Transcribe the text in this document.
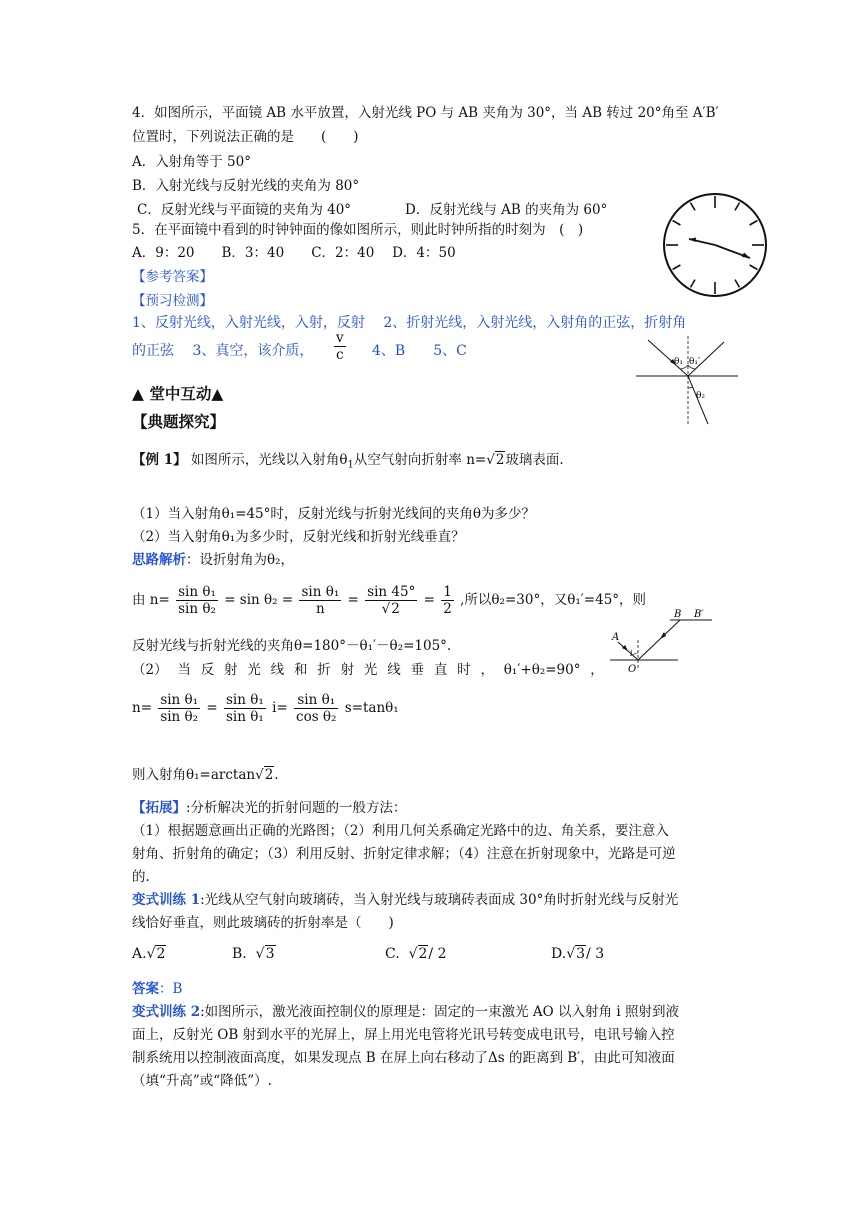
4．如图所示，平面镜 AB 水平放置，入射光线 PO 与 AB 夹角为 30°，当 AB 转过 20°角至 A′B′
位置时，下列说法正确的是　　(　　)
A．入射角等于 50°
B．入射光线与反射光线的夹角为 80°
C．反射光线与平面镜的夹角为 40°	D．反射光线与 AB 的夹角为 60°
5．在平面镜中看到的时钟钟面的像如图所示，则此时钟所指的时刻为　(　)
A．9：20　　B．3：40　　C．2：40　 D．4：50
【参考答案】
【预习检测】
1、反射光线，入射光线，入射，反射　 2、折射光线，入射光线，入射角的正弦，折射角
的正弦　 3、真空，该介质， $\frac{v}{c} 4$、B　　5、C
θ₁ θ₁′
θ₂
▲ 堂中互动▲
【典题探究】
【例 1】 如图所示，光线以入射角$\theta_1$从空气射向折射率 n=√2玻璃表面.
（1）当入射角θ₁=45°时，反射光线与折射光线间的夹角θ为多少？
（2）当入射角θ₁为多少时，反射光线和折射光线垂直？
思路解析：设折射角为θ₂，
由 $n= \frac{\text{sin θ₁}}{\text{sin θ₂}} = \sin \theta_2 = \frac{\text{sin θ₁}}{n} = \frac{\sin 45^\circ}{√2} = \frac{1}{2}$ ,所以θ₂=30°，又θ₁′=45°，则
反射光线与折射光线的夹角θ=180°－θ₁′－θ₂=105°.
（2） 当 反 射 光 线 和 折 射 光 线 垂 直 时 ， θ₁′+θ₂=90° ，
$n= \frac{\text{sin θ₁}}{\text{sin θ₂}} = \frac{\text{sin θ₁}}{\text{sin θ₁}} i= \frac{\text{sin θ₁}}{\text{cos θ₂}} s=\tan\theta_1$
则入射角θ₁=arctan√2.
A
B B′
O
i
【拓展】:分析解决光的折射问题的一般方法：
（1）根据题意画出正确的光路图；（2）利用几何关系确定光路中的边、角关系，要注意入
射角、折射角的确定；（3）利用反射、折射定律求解；（4）注意在折射现象中，光路是可逆
的.
变式训练 1:光线从空气射向玻璃砖，当入射光线与玻璃砖表面成 30°角时折射光线与反射光
线恰好垂直，则此玻璃砖的折射率是（　　)
A.√2	B. √3	C. √2/ 2	D.√3/ 3
答案：B
变式训练 2:如图所示，激光液面控制仪的原理是：固定的一束激光 AO 以入射角 i 照射到液
面上，反射光 OB 射到水平的光屏上，屏上用光电管将光讯号转变成电讯号，电讯号输入控
制系统用以控制液面高度，如果发现点 B 在屏上向右移动了Δs 的距离到 B′，由此可知液面
（填“升高”或“降低”）.
